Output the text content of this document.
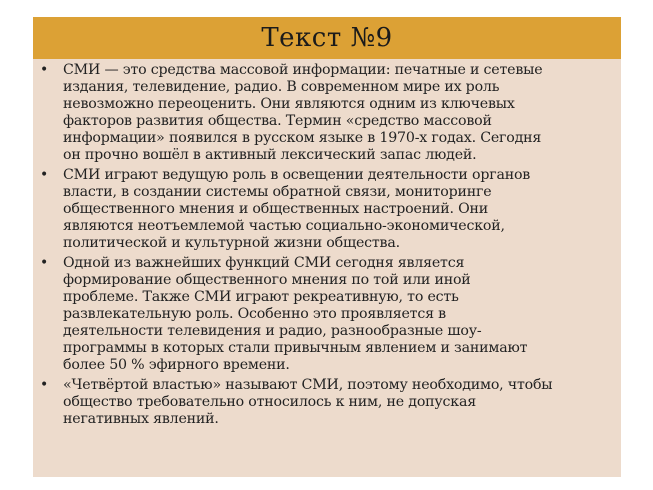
Текст №9
• СМИ — это средства массовой информации: печатные и сетевые
издания, телевидение, радио. В современном мире их роль
невозможно переоценить. Они являются одним из ключевых
факторов развития общества. Термин «средство массовой
информации» появился в русском языке в 1970-х годах. Сегодня
он прочно вошёл в активный лексический запас людей.
• СМИ играют ведущую роль в освещении деятельности органов
власти, в создании системы обратной связи, мониторинге
общественного мнения и общественных настроений. Они
являются неотъемлемой частью социально-экономической,
политической и культурной жизни общества.
• Одной из важнейших функций СМИ сегодня является
формирование общественного мнения по той или иной
проблеме. Также СМИ играют рекреативную, то есть
развлекательную роль. Особенно это проявляется в
деятельности телевидения и радио, разнообразные шоу-
программы в которых стали привычным явлением и занимают
более 50 % эфирного времени.
• «Четвёртой властью» называют СМИ, поэтому необходимо, чтобы
общество требовательно относилось к ним, не допуская
негативных явлений.
